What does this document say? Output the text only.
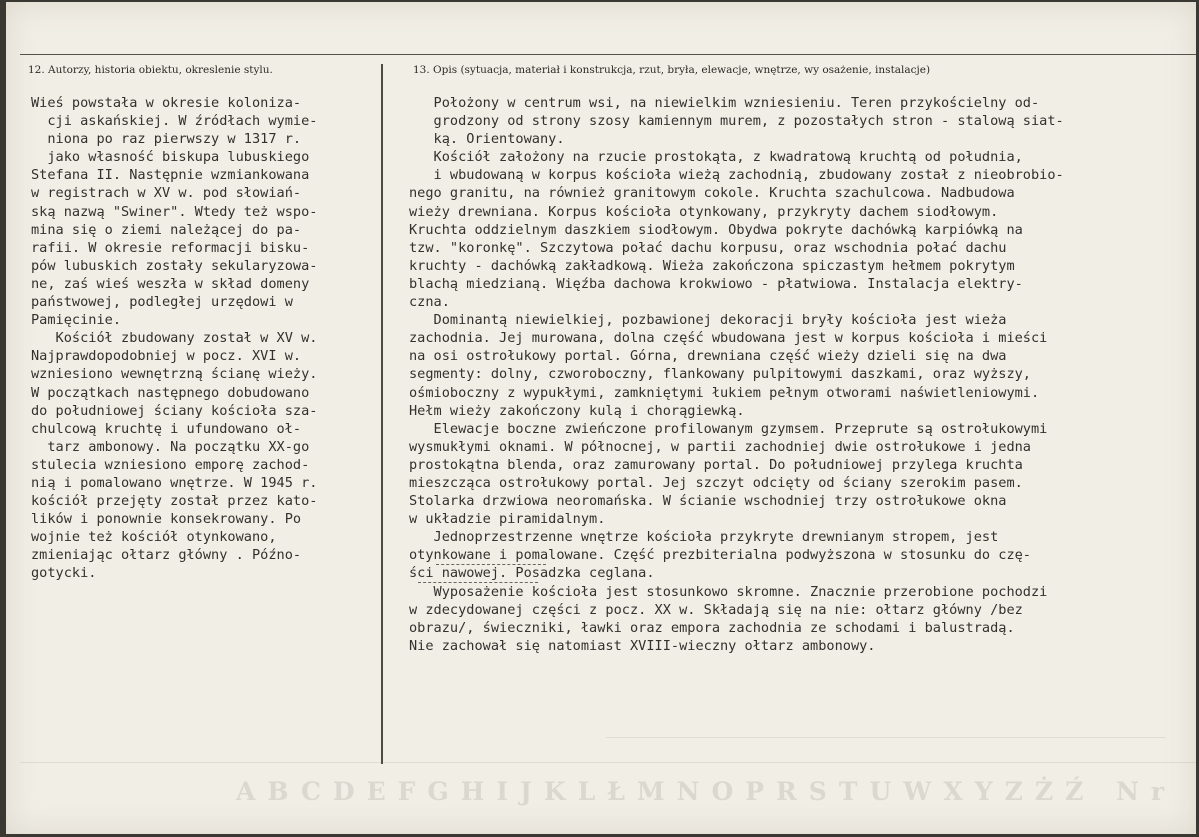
12. Autorzy, historia obiektu, okreslenie stylu.	13. Opis (sytuacja, materiał i konstrukcja, rzut, bryła, elewacje, wnętrze, wy osażenie, instalacje)
Wieś powstała w okresie koloniza-
cji askańskiej. W źródłach wymie-
niona po raz pierwszy w 1317 r.
jako własność biskupa lubuskiego
Stefana II. Następnie wzmiankowana
w registrach w XV w. pod słowiań-
ską nazwą "Swiner". Wtedy też wspo-
mina się o ziemi należącej do pa-
rafii. W okresie reformacji bisku-
pów lubuskich zostały sekularyzowa-
ne, zaś wieś weszła w skład domeny
państwowej, podległej urzędowi w
Pamięcinie.
Kościół zbudowany został w XV w.
Najprawdopodobniej w pocz. XVI w.
wzniesiono wewnętrzną ścianę wieży.
W początkach następnego dobudowano
do południowej ściany kościoła sza-
chulcową kruchtę i ufundowano oł-
tarz ambonowy. Na początku XX-go
stulecia wzniesiono emporę zachod-
nią i pomalowano wnętrze. W 1945 r.
kościół przejęty został przez kato-
lików i ponownie konsekrowany. Po
wojnie też kościół otynkowano,
zmieniając ołtarz główny . Późno-
gotycki.
Położony w centrum wsi, na niewielkim wzniesieniu. Teren przykościelny od-
grodzony od strony szosy kamiennym murem, z pozostałych stron - stalową siat-
ką. Orientowany.
Kościół założony na rzucie prostokąta, z kwadratową kruchtą od południa,
i wbudowaną w korpus kościoła wieżą zachodnią, zbudowany został z nieobrobio-
nego granitu, na również granitowym cokole. Kruchta szachulcowa. Nadbudowa
wieży drewniana. Korpus kościoła otynkowany, przykryty dachem siodłowym.
Kruchta oddzielnym daszkiem siodłowym. Obydwa pokryte dachówką karpiówką na
tzw. "koronkę". Szczytowa połać dachu korpusu, oraz wschodnia połać dachu
kruchty - dachówką zakładkową. Wieża zakończona spiczastym hełmem pokrytym
blachą miedzianą. Więźba dachowa krokwiowo - płatwiowa. Instalacja elektry-
czna.
Dominantą niewielkiej, pozbawionej dekoracji bryły kościoła jest wieża
zachodnia. Jej murowana, dolna część wbudowana jest w korpus kościoła i mieści
na osi ostrołukowy portal. Górna, drewniana część wieży dzieli się na dwa
segmenty: dolny, czworoboczny, flankowany pulpitowymi daszkami, oraz wyższy,
ośmioboczny z wypukłymi, zamkniętymi łukiem pełnym otworami naświetleniowymi.
Hełm wieży zakończony kulą i chorągiewką.
Elewacje boczne zwieńczone profilowanym gzymsem. Przeprute są ostrołukowymi
wysmukłymi oknami. W północnej, w partii zachodniej dwie ostrołukowe i jedna
prostokątna blenda, oraz zamurowany portal. Do południowej przylega kruchta
mieszcząca ostrołukowy portal. Jej szczyt odcięty od ściany szerokim pasem.
Stolarka drzwiowa neoromańska. W ścianie wschodniej trzy ostrołukowe okna
w układzie piramidalnym.
Jednoprzestrzenne wnętrze kościoła przykryte drewnianym stropem, jest
otynkowane i pomalowane. Część prezbiterialna podwyższona w stosunku do czę-
ści nawowej. Posadzka ceglana.
Wyposażenie kościoła jest stosunkowo skromne. Znacznie przerobione pochodzi
w zdecydowanej części z pocz. XX w. Składają się na nie: ołtarz główny /bez
obrazu/, świeczniki, ławki oraz empora zachodnia ze schodami i balustradą.
Nie zachował się natomiast XVIII-wieczny ołtarz ambonowy.
ABCDEFGHIJKLŁMNOPRSTUWXYZŻŹ Nr
